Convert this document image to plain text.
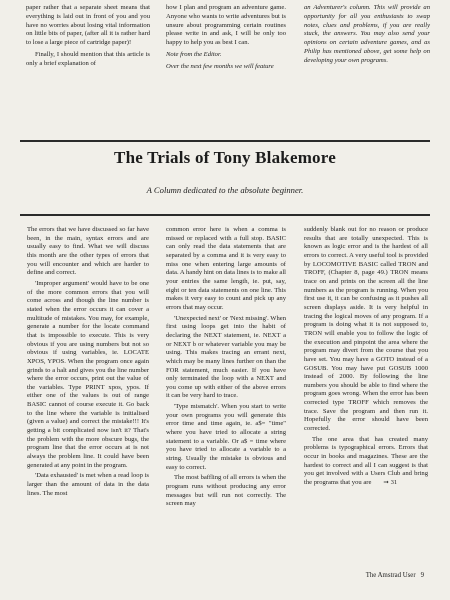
paper rather that a separate sheet means that everything is laid out in front of you and you have no worries about losing vital information on little bits of paper, (after all it is rather hard to lose a large piece of cartridge paper)!

Finally, I should mention that this article is only a brief explanation of

how I plan and program an adventure game. Anyone who wants to write adventures but is unsure about programming certain routines please write in and ask, I will be only too happy to help you as best I can.

Note from the Editor.

Over the next few months we will feature

an Adventurer's column. This will provide an opportunity for all you enthusiasts to swap notes, clues and problems, if you are really stuck, the answers. You may also send your opinions on certain adventure games, and as Philip has mentioned above, get some help on developing your own programs.

The Trials of Tony Blakemore
A Column dedicated to the absolute beginner.

The errors that we have discussed so far have been, in the main, syntax errors and are usually easy to find. What we will discuss this month are the other types of errors that you will encounter and which are harder to define and correct.

'Improper argument' would have to be one of the more common errors that you will come across and though the line number is stated when the error occurs it can cover a multitude of mistakes. You may, for example, generate a number for the locate command that is impossible to execute. This is very obvious if you are using numbers but not so obvious if using variables, ie. LOCATE XPOS, YPOS. When the program once again grinds to a halt and gives you the line number where the error occurs, print out the value of the variables. Type PRINT xpos, ypos. If either one of the values is out of range BASIC cannot of course execute it. Go back to the line where the variable is initialised (given a value) and correct the mistake!!! It's getting a bit complicated now isn't it? That's the problem with the more obscure bugs, the program line that the error occurs at is not always the problem line. It could have been generated at any point in the program.

'Data exhausted' is met when a read loop is larger than the amount of data in the data lines. The most

common error here is when a comma is missed or replaced with a full stop. BASIC can only read the data statements that are separated by a comma and it is very easy to miss one when entering large amounts of data. A handy hint on data lines is to make all your entries the same length, ie. put, say, eight or ten data statements on one line. This makes it very easy to count and pick up any errors that may occur.

'Unexpected next' or 'Next missing'. When first using loops get into the habit of declaring the NEXT statement, ie. NEXT a or NEXT b or whatever variable you may be using. This makes tracing an errant next, which may be many lines further on than the FOR statement, much easier. If you have only terminated the loop with a NEXT and you come up with either of the above errors it can be very hard to trace.

'Type mismatch'. When you start to write your own programs you will generate this error time and time again, ie. a$= "time" where you have tried to allocate a string statement to a variable. Or a$ = time where you have tried to allocate a variable to a string. Usually the mistake is obvious and easy to correct.

The most baffling of all errors is when the program runs without producing any error messages but will run not correctly. The screen may

suddenly blank out for no reason or produce results that are totally unexpected. This is known as logic error and is the hardest of all errors to correct. A very useful tool is provided by LOCOMOTIVE BASIC called TRON and TROFF, (Chapter 8, page 49.) TRON means trace on and prints on the screen all the line numbers as the program is running. When you first use it, it can be confusing as it pushes all screen displays aside. It is very helpful in tracing the logical moves of any program. If a program is doing what it is not supposed to, TRON will enable you to follow the logic of the execution and pinpoint the area where the program may divert from the course that you have set. You may have a GOTO instead of a GOSUB. You may have put GOSUB 1000 instead of 2000. By following the line numbers you should be able to find where the program goes wrong. When the error has been corrected type TROFF which removes the trace. Save the program and then run it. Hopefully the error should have been corrected.

The one area that has created many problems is typographical errors. Errors that occur in books and magazines. These are the hardest to correct and all I can suggest is that you get involved with a Users Club and bring the programs that you are ➞ 31

The Amstrad User 9
